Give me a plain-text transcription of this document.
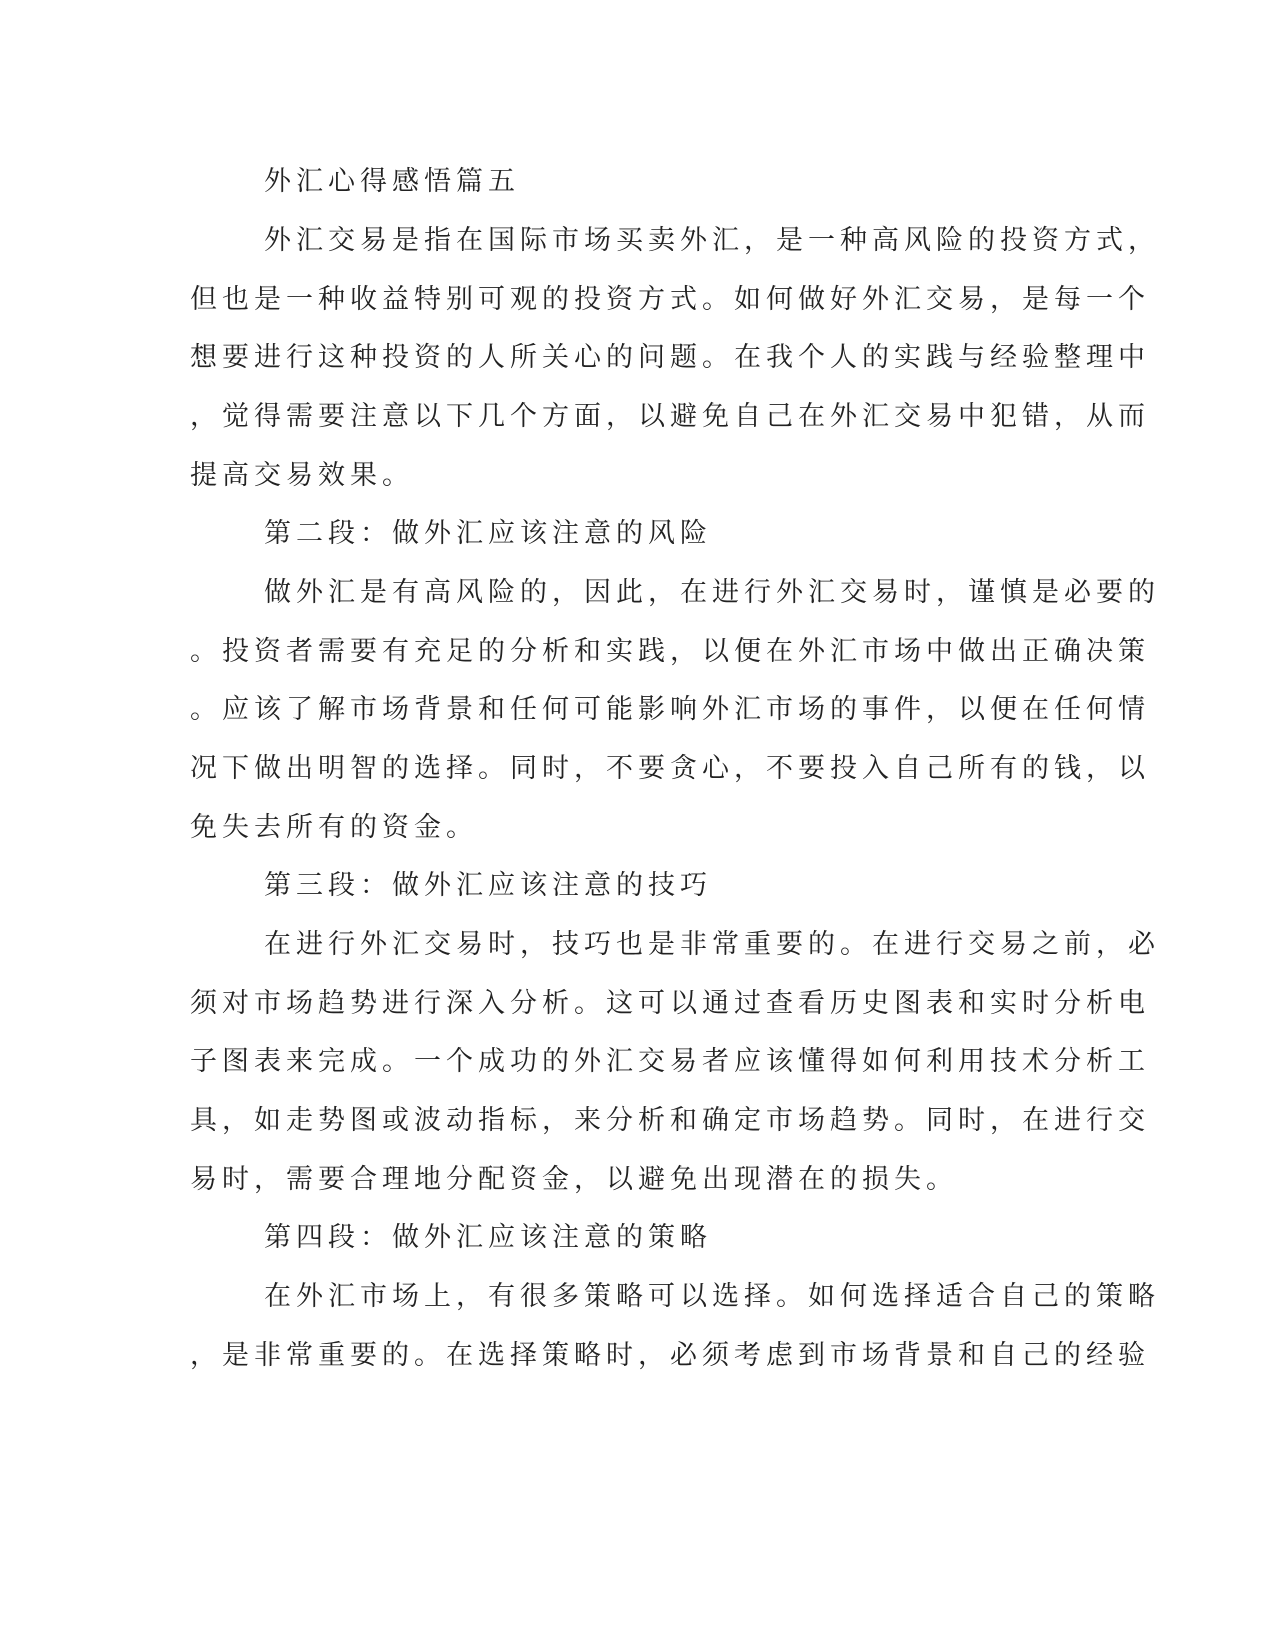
外汇心得感悟篇五
外汇交易是指在国际市场买卖外汇，是一种高风险的投资方式，
但也是一种收益特别可观的投资方式。如何做好外汇交易，是每一个
想要进行这种投资的人所关心的问题。在我个人的实践与经验整理中
，觉得需要注意以下几个方面，以避免自己在外汇交易中犯错，从而
提高交易效果。
第二段：做外汇应该注意的风险
做外汇是有高风险的，因此，在进行外汇交易时，谨慎是必要的
。投资者需要有充足的分析和实践，以便在外汇市场中做出正确决策
。应该了解市场背景和任何可能影响外汇市场的事件，以便在任何情
况下做出明智的选择。同时，不要贪心，不要投入自己所有的钱，以
免失去所有的资金。
第三段：做外汇应该注意的技巧
在进行外汇交易时，技巧也是非常重要的。在进行交易之前，必
须对市场趋势进行深入分析。这可以通过查看历史图表和实时分析电
子图表来完成。一个成功的外汇交易者应该懂得如何利用技术分析工
具，如走势图或波动指标，来分析和确定市场趋势。同时，在进行交
易时，需要合理地分配资金，以避免出现潜在的损失。
第四段：做外汇应该注意的策略
在外汇市场上，有很多策略可以选择。如何选择适合自己的策略
，是非常重要的。在选择策略时，必须考虑到市场背景和自己的经验
